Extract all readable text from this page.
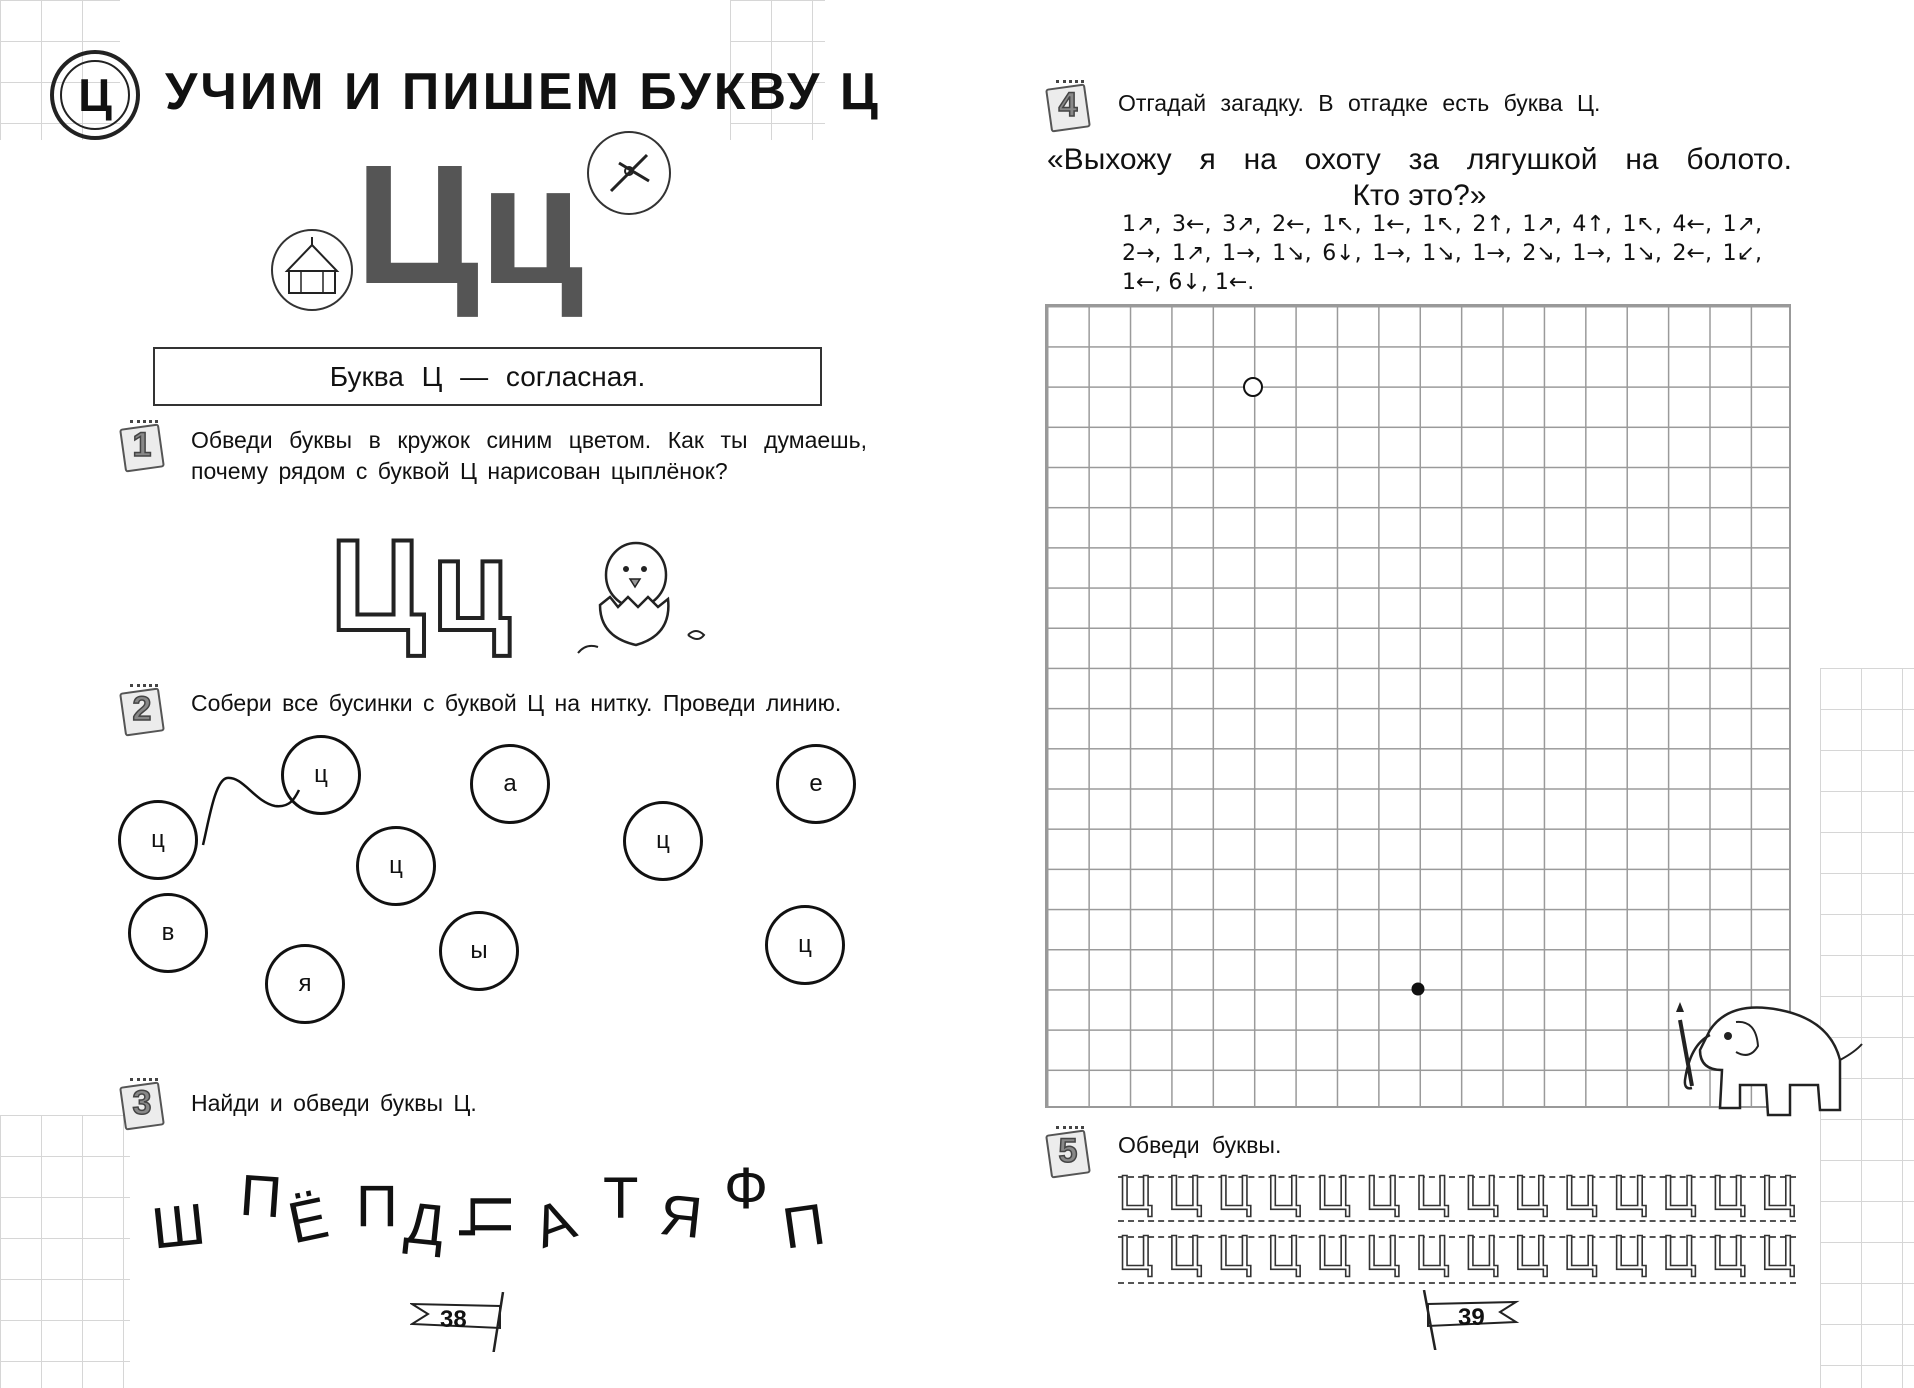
Ц	УЧИМ И ПИШЕМ БУКВУ Ц
Цц
Буква Ц — согласная.
1	Обведи буквы в кружок синим цветом. Как ты думаешь, почему рядом с буквой Ц нарисован цыплёнок?
Цц
2	Собери все бусинки с буквой Ц на нитку. Проведи линию.
ц	а	е
ц	ц
ц
в
ы	ц
я
3	Найди и обведи буквы Ц.
Ш П
Ё П Д Ц А Т Я Ф
П
38
4	Отгадай загадку. В отгадке есть буква Ц.
«Выхожу я на охоту за лягушкой на болото.
Кто это?»
1↗, 3←, 3↗, 2←, 1↖, 1←, 1↖, 2↑, 1↗, 4↑, 1↖, 4←, 1↗, 2→, 1↗, 1→, 1↘, 6↓, 1→, 1↘, 1→, 2↘, 1→, 1↘, 2←, 1↙, 1←, 6↓, 1←.
5	Обведи буквы.
Ц Ц Ц Ц Ц Ц Ц Ц Ц Ц Ц Ц Ц Ц
Ц Ц Ц Ц Ц Ц Ц Ц Ц Ц Ц Ц Ц Ц
39
